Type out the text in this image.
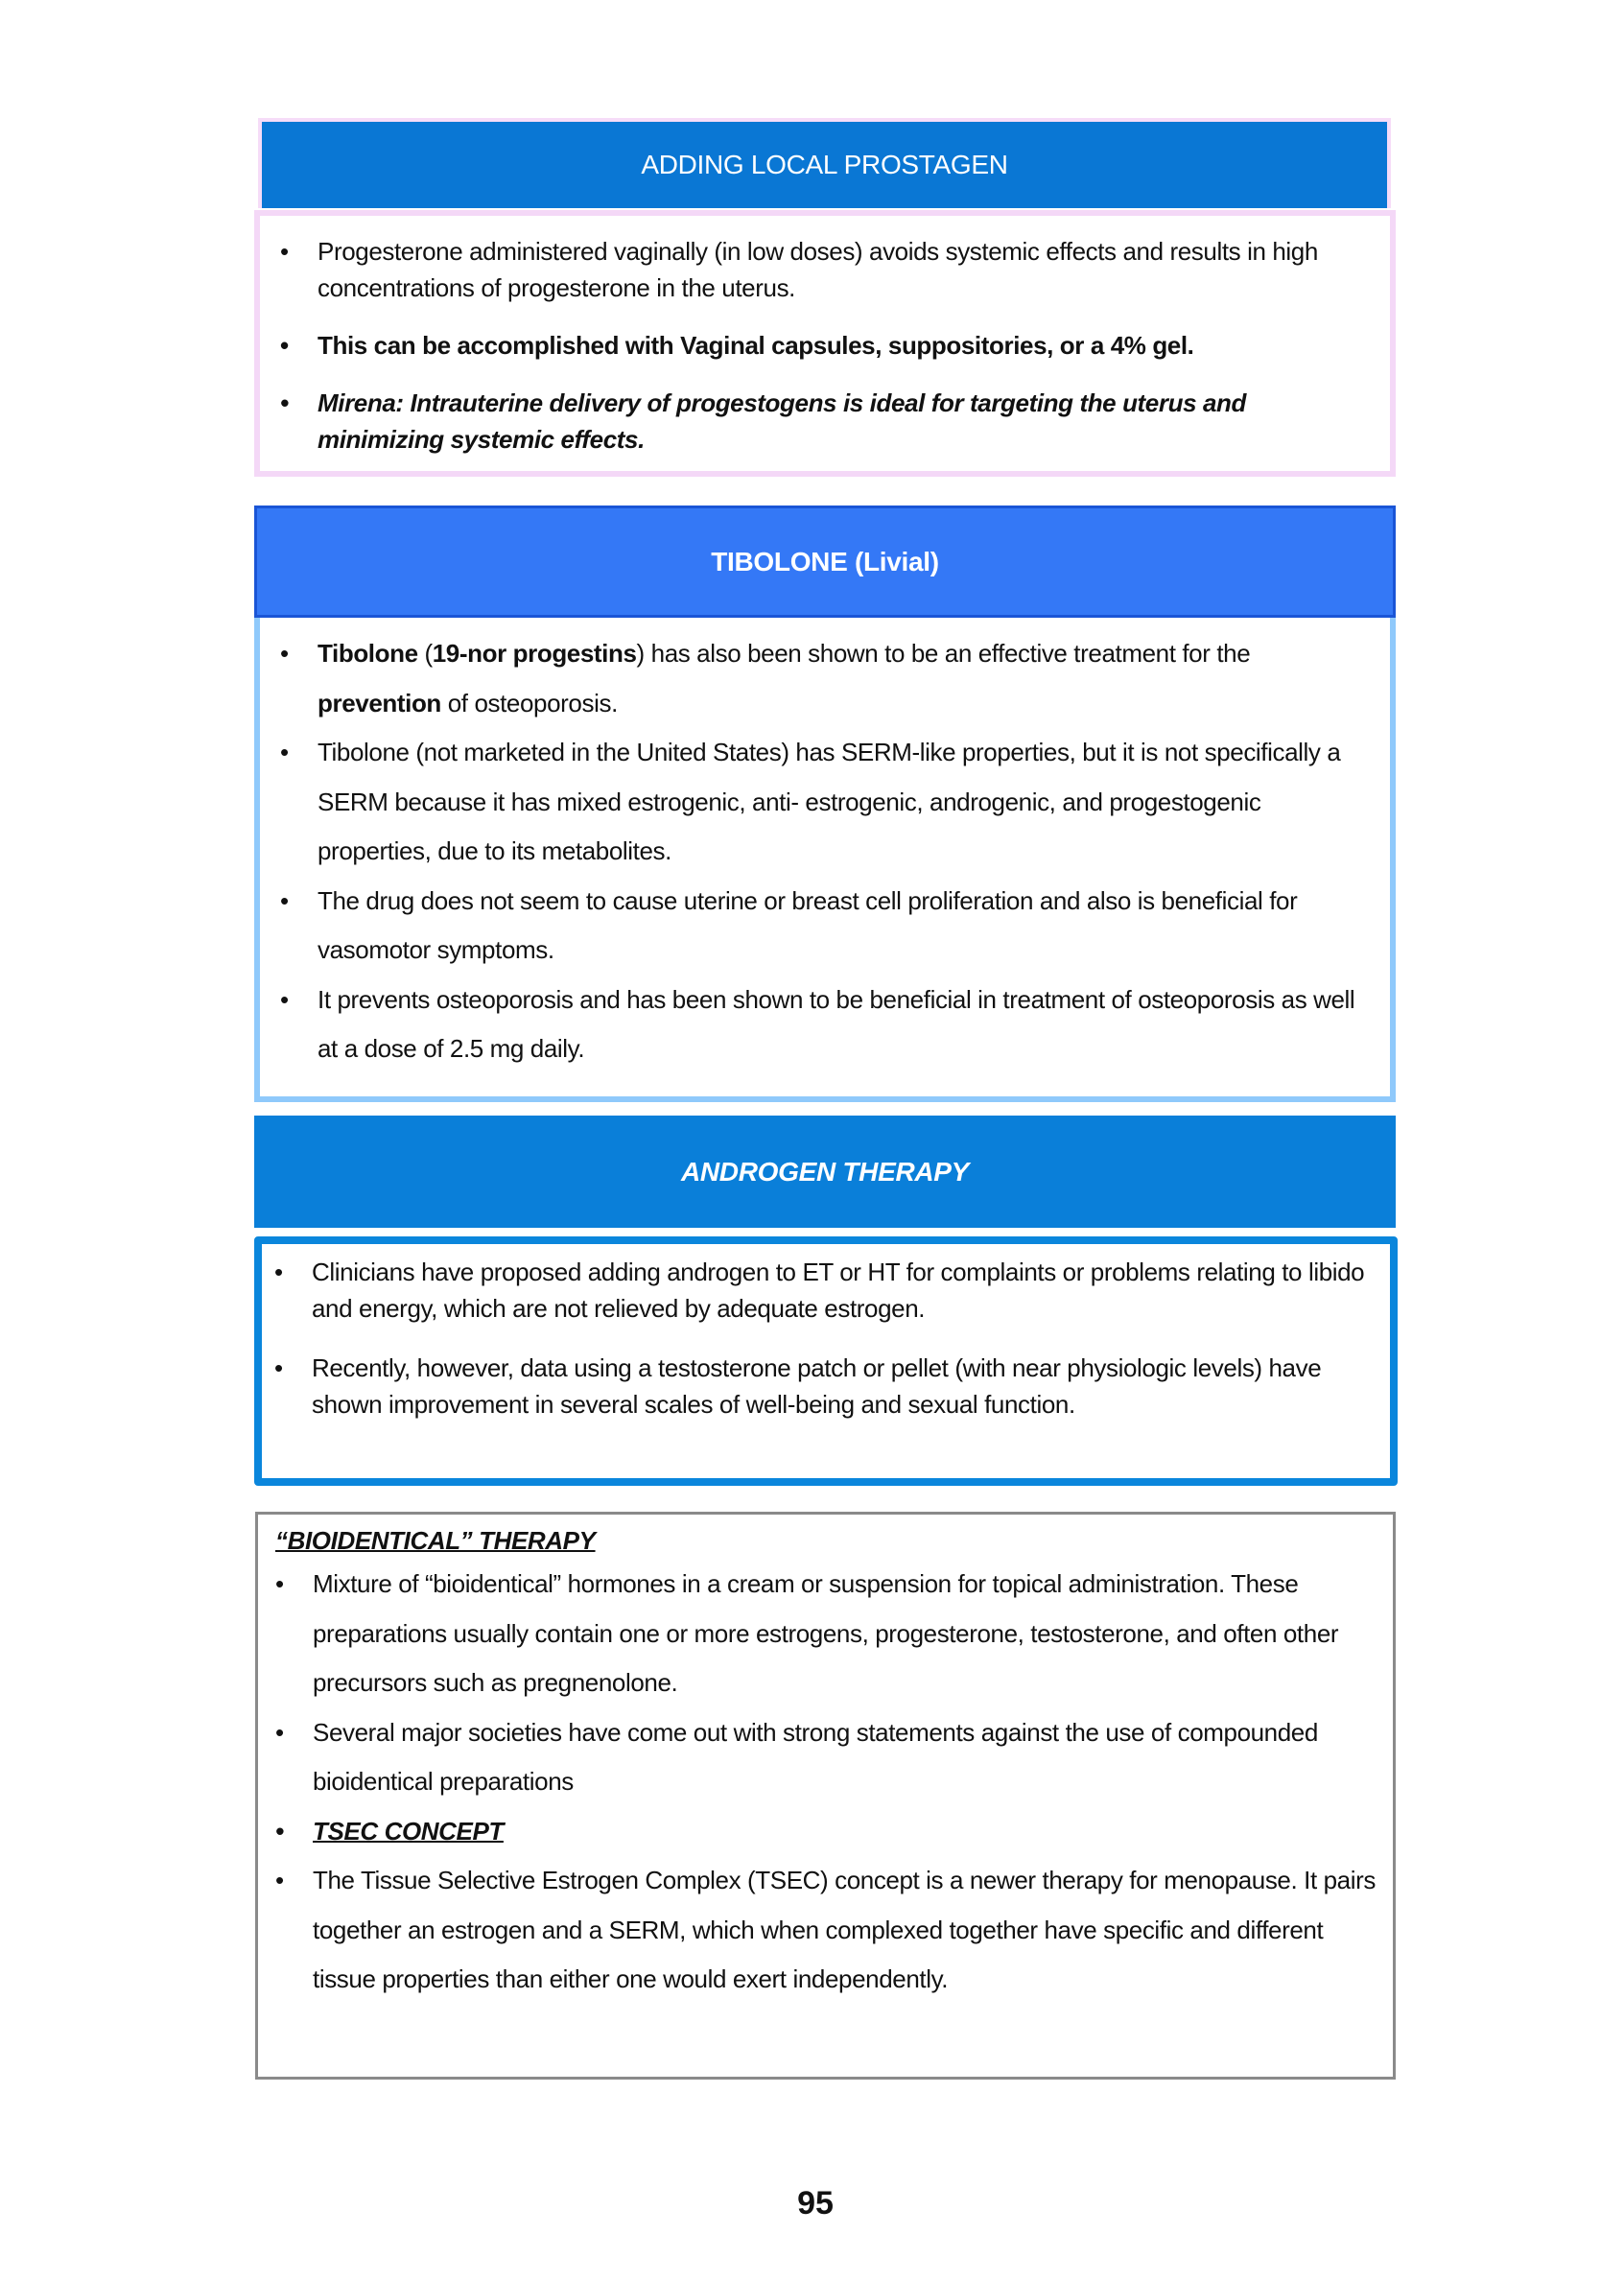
ADDING LOCAL PROSTAGEN
• Progesterone administered vaginally (in low doses) avoids systemic effects and results in high concentrations of progesterone in the uterus.
• This can be accomplished with Vaginal capsules, suppositories, or a 4% gel.
• Mirena: Intrauterine delivery of progestogens is ideal for targeting the uterus and minimizing systemic effects.
TIBOLONE (Livial)
• Tibolone (19-nor progestins) has also been shown to be an effective treatment for the prevention of osteoporosis.
• Tibolone (not marketed in the United States) has SERM-like properties, but it is not specifically a SERM because it has mixed estrogenic, anti- estrogenic, androgenic, and progestogenic properties, due to its metabolites.
• The drug does not seem to cause uterine or breast cell proliferation and also is beneficial for vasomotor symptoms.
• It prevents osteoporosis and has been shown to be beneficial in treatment of osteoporosis as well at a dose of 2.5 mg daily.
ANDROGEN THERAPY
• Clinicians have proposed adding androgen to ET or HT for complaints or problems relating to libido and energy, which are not relieved by adequate estrogen.
• Recently, however, data using a testosterone patch or pellet (with near physiologic levels) have shown improvement in several scales of well-being and sexual function.
“BIOIDENTICAL” THERAPY
• Mixture of “bioidentical” hormones in a cream or suspension for topical administration. These preparations usually contain one or more estrogens, progesterone, testosterone, and often other precursors such as pregnenolone.
• Several major societies have come out with strong statements against the use of compounded bioidentical preparations
• TSEC CONCEPT
• The Tissue Selective Estrogen Complex (TSEC) concept is a newer therapy for menopause. It pairs together an estrogen and a SERM, which when complexed together have specific and different tissue properties than either one would exert independently.
95
